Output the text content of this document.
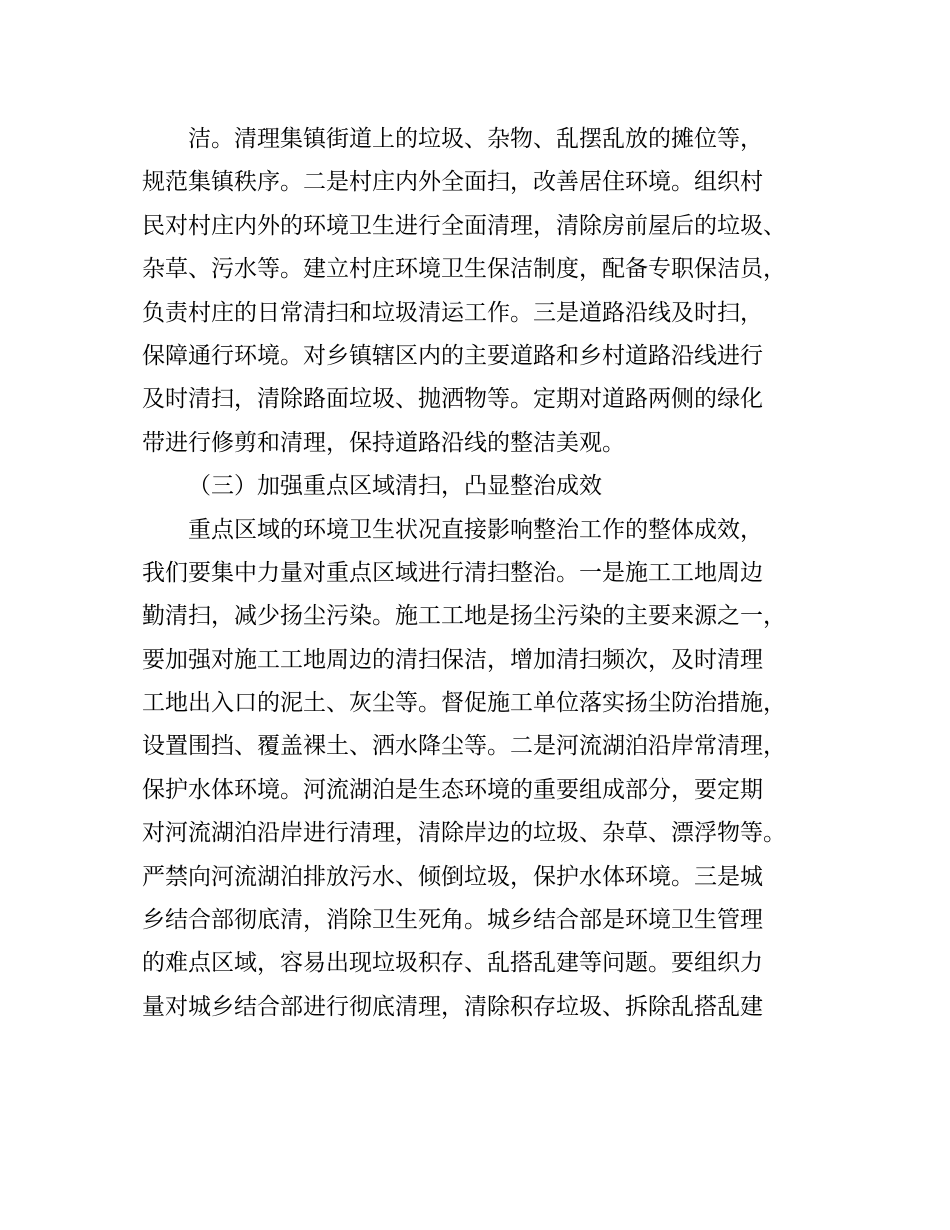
洁。清理集镇街道上的垃圾、杂物、乱摆乱放的摊位等，
规范集镇秩序。二是村庄内外全面扫，改善居住环境。组织村
民对村庄内外的环境卫生进行全面清理，清除房前屋后的垃圾、
杂草、污水等。建立村庄环境卫生保洁制度，配备专职保洁员，
负责村庄的日常清扫和垃圾清运工作。三是道路沿线及时扫，
保障通行环境。对乡镇辖区内的主要道路和乡村道路沿线进行
及时清扫，清除路面垃圾、抛洒物等。定期对道路两侧的绿化
带进行修剪和清理，保持道路沿线的整洁美观。
（三）加强重点区域清扫，凸显整治成效
重点区域的环境卫生状况直接影响整治工作的整体成效，
我们要集中力量对重点区域进行清扫整治。一是施工工地周边
勤清扫，减少扬尘污染。施工工地是扬尘污染的主要来源之一，
要加强对施工工地周边的清扫保洁，增加清扫频次，及时清理
工地出入口的泥土、灰尘等。督促施工单位落实扬尘防治措施，
设置围挡、覆盖裸土、洒水降尘等。二是河流湖泊沿岸常清理，
保护水体环境。河流湖泊是生态环境的重要组成部分，要定期
对河流湖泊沿岸进行清理，清除岸边的垃圾、杂草、漂浮物等。
严禁向河流湖泊排放污水、倾倒垃圾，保护水体环境。三是城
乡结合部彻底清，消除卫生死角。城乡结合部是环境卫生管理
的难点区域，容易出现垃圾积存、乱搭乱建等问题。要组织力
量对城乡结合部进行彻底清理，清除积存垃圾、拆除乱搭乱建
